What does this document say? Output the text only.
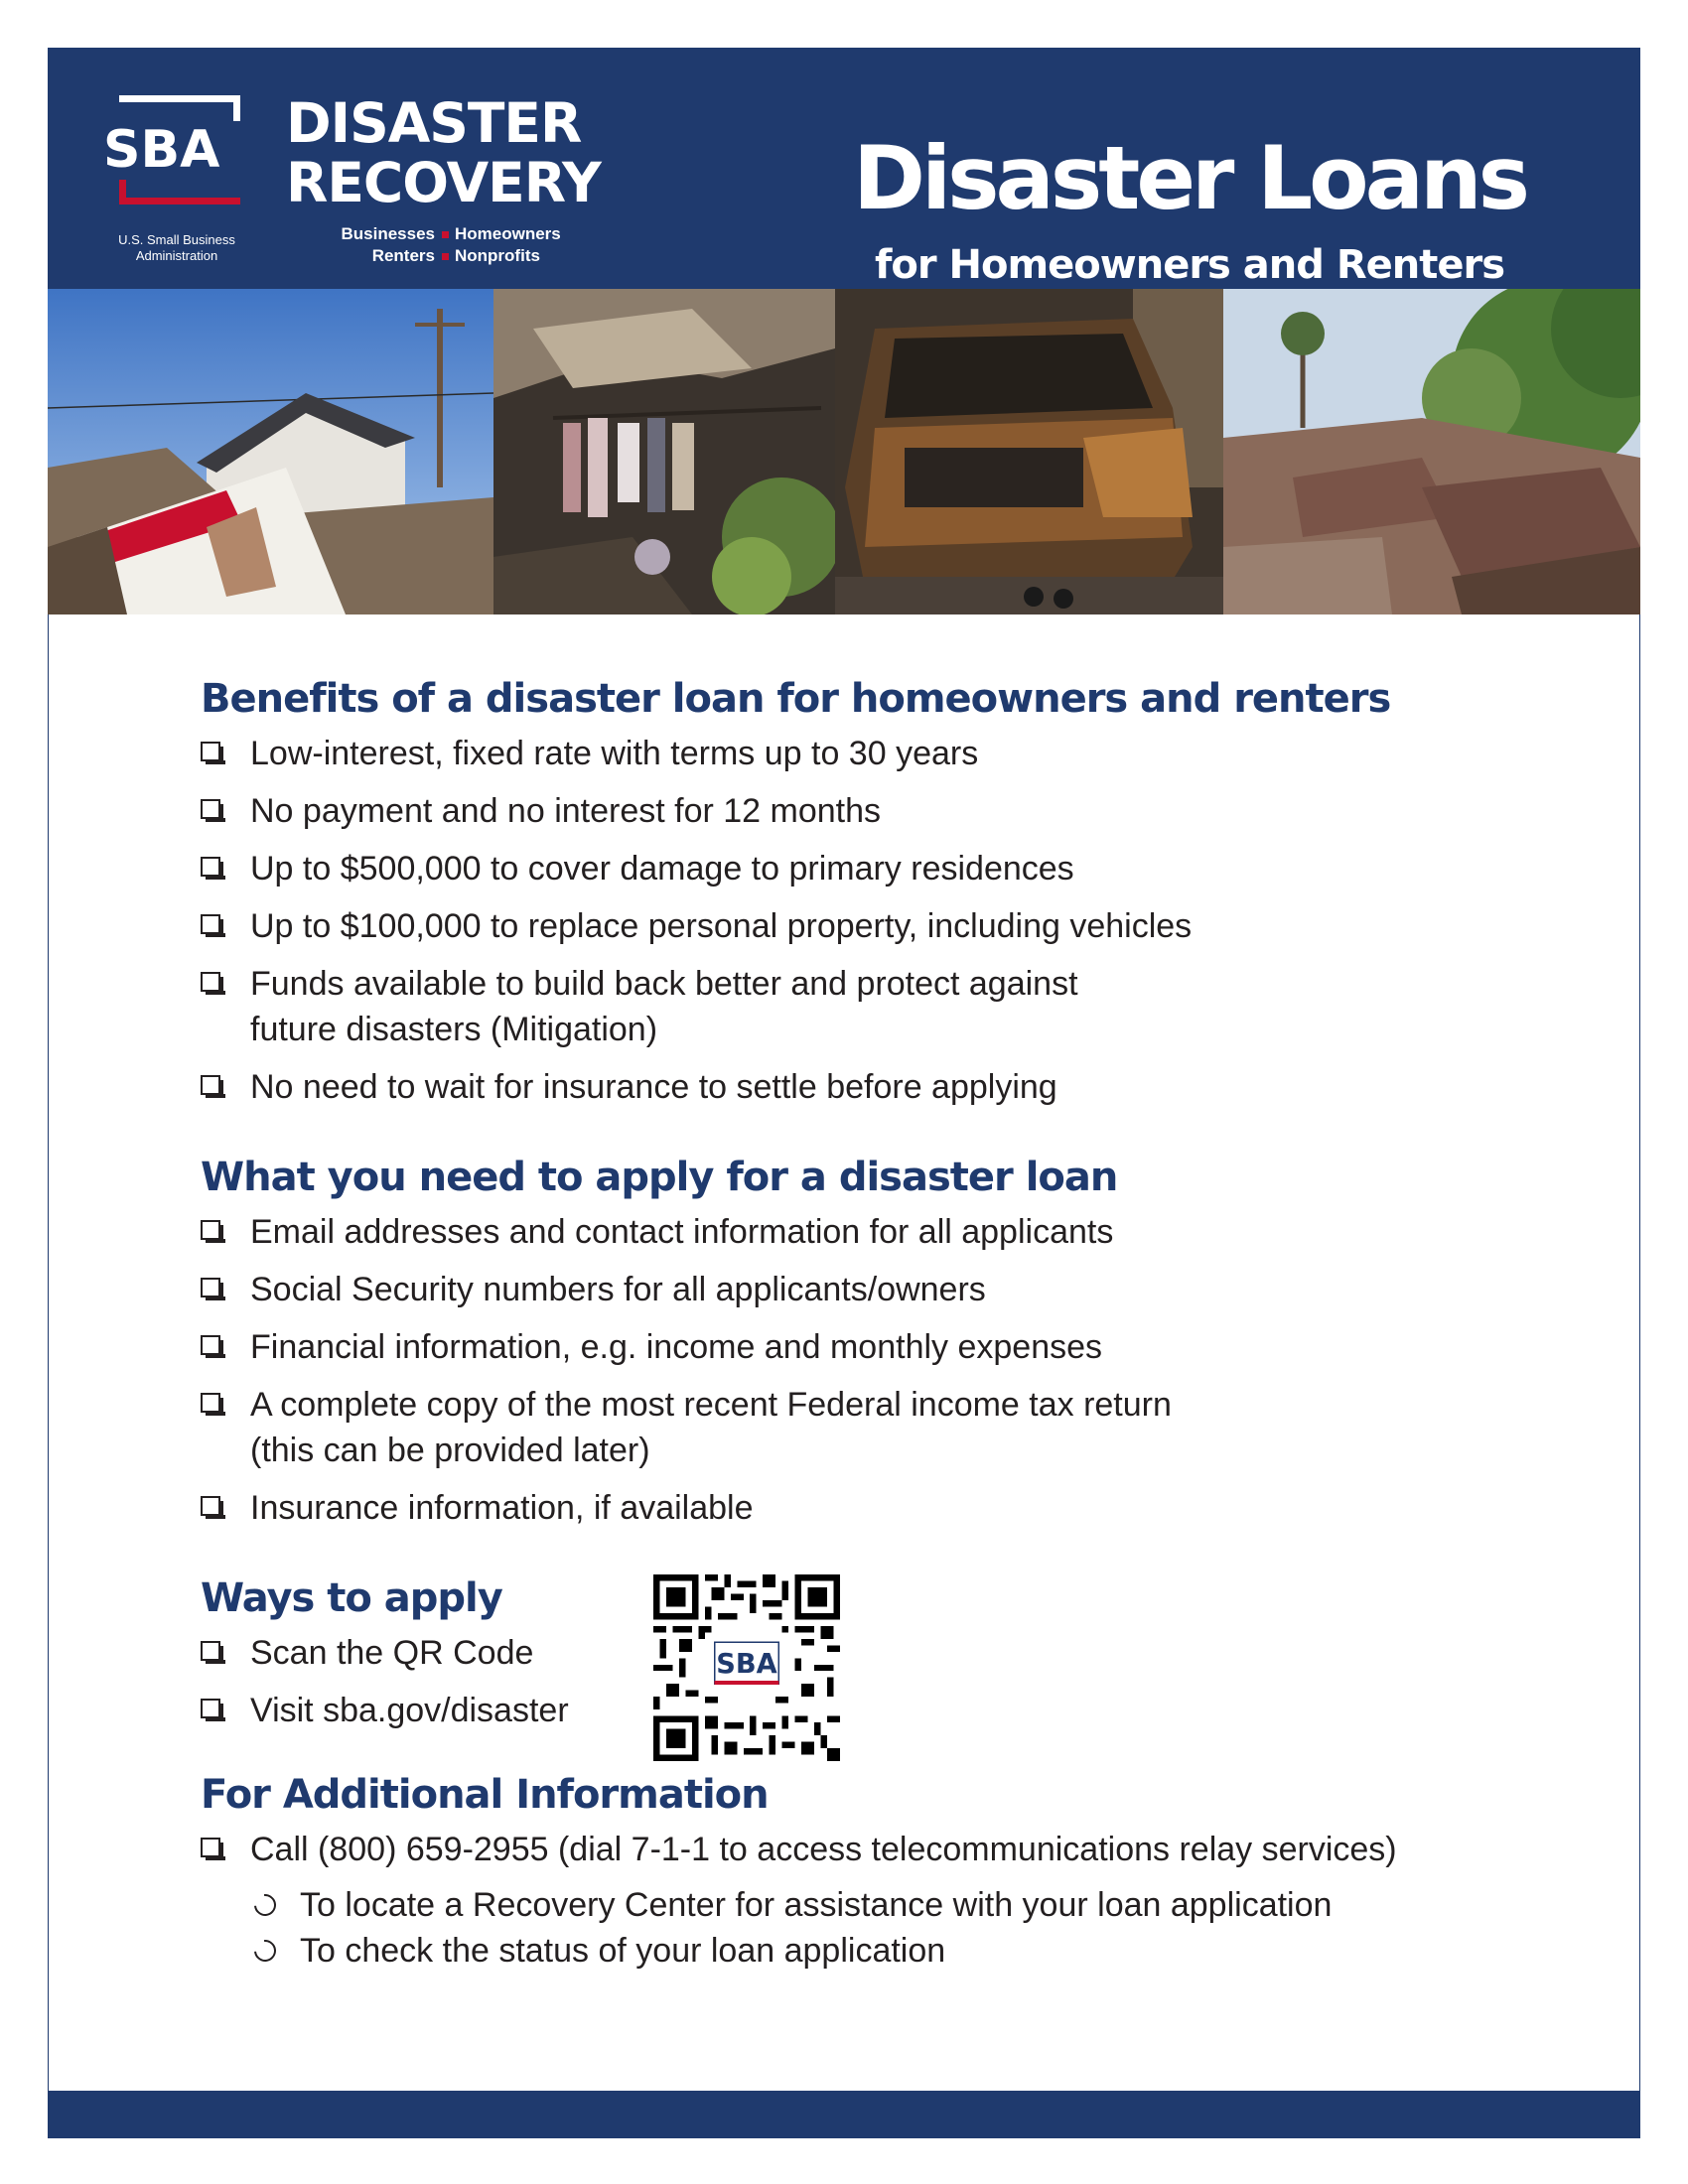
SBA
U.S. Small Business
Administration
DISASTER
RECOVERY
Businesses Homeowners
Renters Nonprofits
Disaster Loans
for Homeowners and Renters
Benefits of a disaster loan for homeowners and renters
Low-interest, fixed rate with terms up to 30 years
No payment and no interest for 12 months
Up to $500,000 to cover damage to primary residences
Up to $100,000 to replace personal property, including vehicles
Funds available to build back better and protect against
future disasters (Mitigation)
No need to wait for insurance to settle before applying
What you need to apply for a disaster loan
Email addresses and contact information for all applicants
Social Security numbers for all applicants/owners
Financial information, e.g. income and monthly expenses
A complete copy of the most recent Federal income tax return
(this can be provided later)
Insurance information, if available
Ways to apply
Scan the QR Code
Visit sba.gov/disaster
SBA
For Additional Information
Call (800) 659-2955 (dial 7-1-1 to access telecommunications relay services)
To locate a Recovery Center for assistance with your loan application
To check the status of your loan application
